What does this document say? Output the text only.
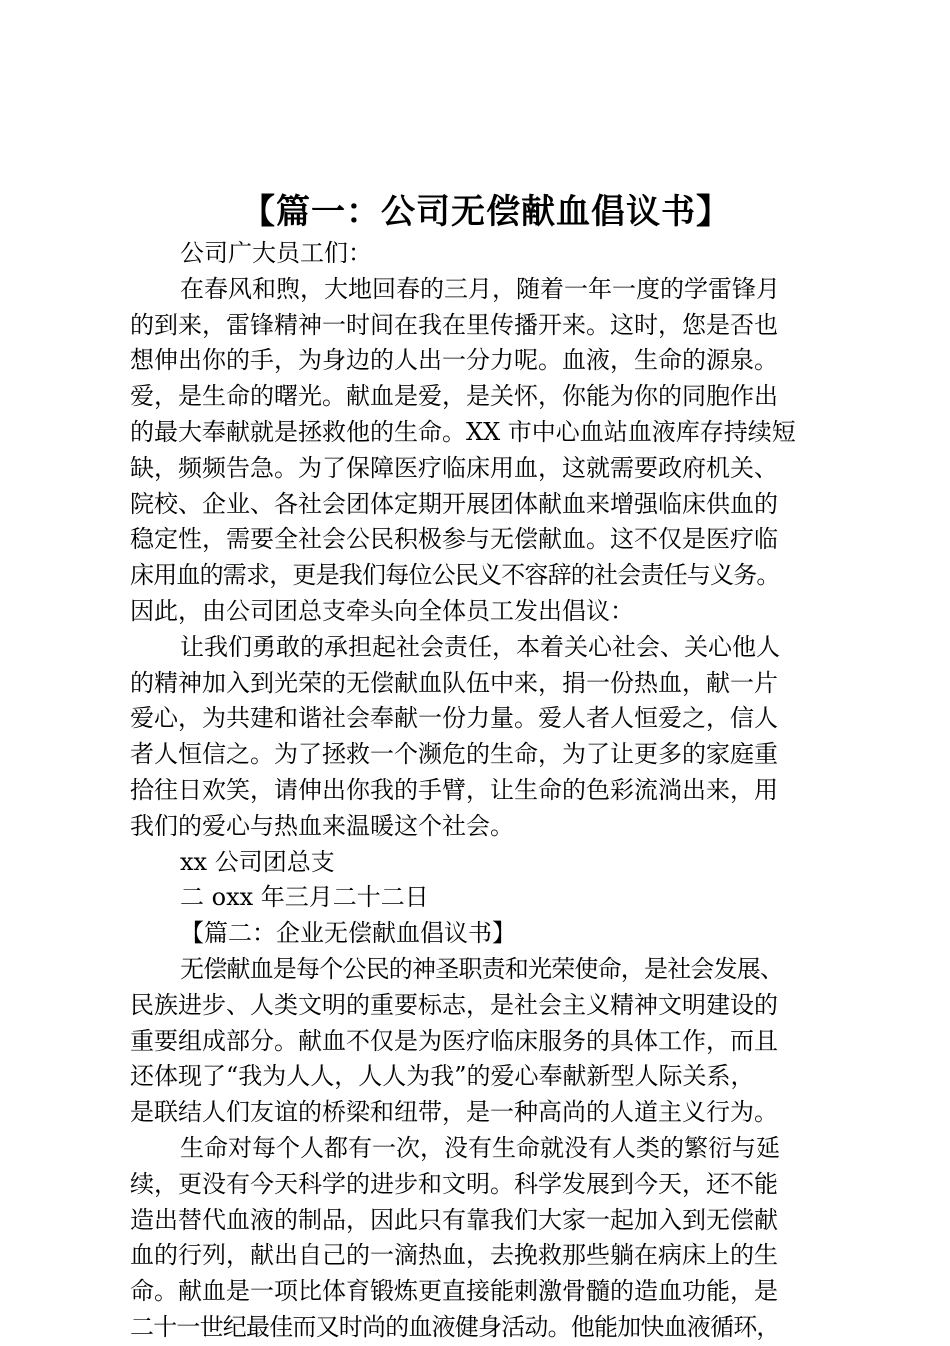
【篇一：公司无偿献血倡议书】

公司广大员工们：

在春风和煦，大地回春的三月，随着一年一度的学雷锋月

的到来，雷锋精神一时间在我在里传播开来。这时，您是否也

想伸出你的手，为身边的人出一分力呢。血液，生命的源泉。

爱，是生命的曙光。献血是爱，是关怀，你能为你的同胞作出

的最大奉献就是拯救他的生命。XX 市中心血站血液库存持续短

缺，频频告急。为了保障医疗临床用血，这就需要政府机关、

院校、企业、各社会团体定期开展团体献血来增强临床供血的

稳定性，需要全社会公民积极参与无偿献血。这不仅是医疗临

床用血的需求，更是我们每位公民义不容辞的社会责任与义务。

因此，由公司团总支牵头向全体员工发出倡议：

让我们勇敢的承担起社会责任，本着关心社会、关心他人

的精神加入到光荣的无偿献血队伍中来，捐一份热血，献一片

爱心，为共建和谐社会奉献一份力量。爱人者人恒爱之，信人

者人恒信之。为了拯救一个濒危的生命，为了让更多的家庭重

拾往日欢笑，请伸出你我的手臂，让生命的色彩流淌出来，用

我们的爱心与热血来温暖这个社会。

xx 公司团总支

二 oxx 年三月二十二日

【篇二：企业无偿献血倡议书】

无偿献血是每个公民的神圣职责和光荣使命，是社会发展、

民族进步、人类文明的重要标志，是社会主义精神文明建设的

重要组成部分。献血不仅是为医疗临床服务的具体工作，而且

还体现了“我为人人，人人为我”的爱心奉献新型人际关系，

是联结人们友谊的桥梁和纽带，是一种高尚的人道主义行为。

生命对每个人都有一次，没有生命就没有人类的繁衍与延

续，更没有今天科学的进步和文明。科学发展到今天，还不能

造出替代血液的制品，因此只有靠我们大家一起加入到无偿献

血的行列，献出自己的一滴热血，去挽救那些躺在病床上的生

命。献血是一项比体育锻炼更直接能刺激骨髓的造血功能，是

二十一世纪最佳而又时尚的血液健身活动。他能加快血液循环，
